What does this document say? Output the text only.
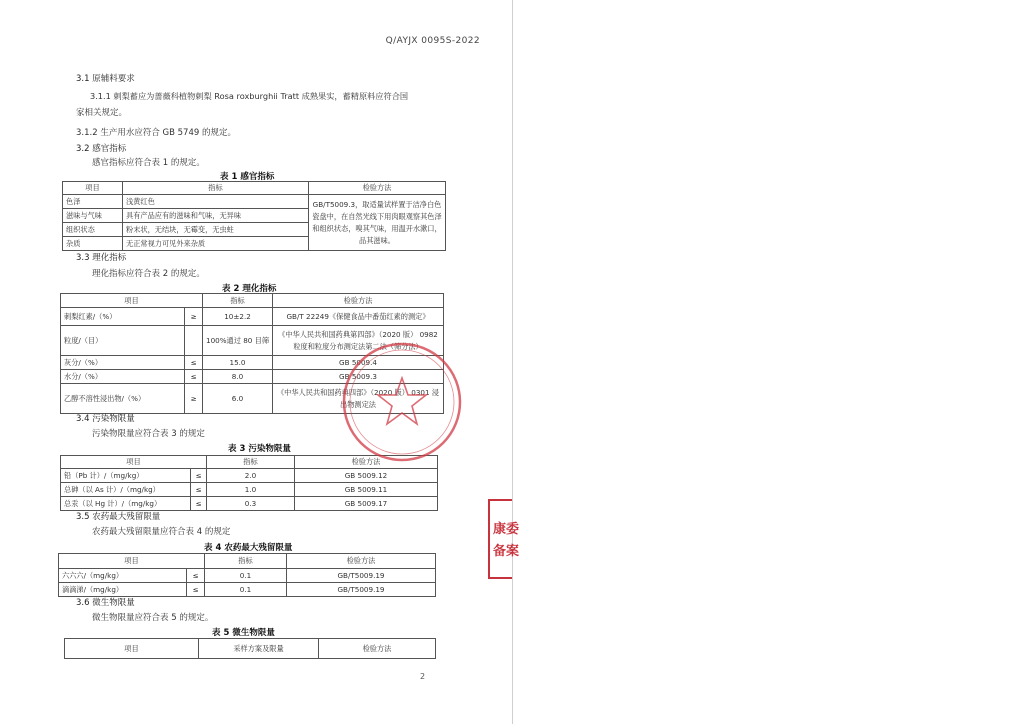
Q/AYJX 0095S-2022
3.1 原辅料要求
3.1.1 刺梨蓄应为蔷薇科植物刺梨 Rosa roxburghii Tratt 成熟果实，蓄精原料应符合国
家相关规定。
3.1.2 生产用水应符合 GB 5749 的规定。
3.2 感官指标
感官指标应符合表 1 的规定。
表 1 感官指标
项目	指标	检验方法
色泽	浅黄红色	GB/T5009.3，取适量试样置于洁净白色瓷盘中，在自然光线下用肉眼观察其色泽和组织状态，嗅其气味，用温开水漱口，品其滋味。
滋味与气味	具有产品应有的滋味和气味，无异味	
组织状态	粉末状，无结块，无霉变，无虫蛀	
杂质	无正常视力可见外来杂质	
3.3 理化指标
理化指标应符合表 2 的规定。
表 2 理化指标
项目		指标	检验方法
刺梨红素/（%）	≥	10±2.2	GB/T 22249《保健食品中番茄红素的测定》
粒度/（目）		100%通过 80 目筛	《中华人民共和国药典第四部》（2020 版） 0982 粒度和粒度分布测定法第二法（筛分法）
灰分/（%）	≤	15.0	GB 5009.4
水分/（%）	≤	8.0	GB 5009.3
乙醇不溶性浸出物/（%）	≥	6.0	《中华人民共和国药典四部》（2020 版） 0301 浸出物测定法
3.4 污染物限量
污染物限量应符合表 3 的规定
表 3 污染物限量
项目		指标	检验方法
铅（Pb 计）/（mg/kg）	≤	2.0	GB 5009.12
总砷（以 As 计）/（mg/kg）	≤	1.0	GB 5009.11
总汞（以 Hg 计）/（mg/kg）	≤	0.3	GB 5009.17
3.5 农药最大残留限量
农药最大残留限量应符合表 4 的规定
表 4 农药最大残留限量
项目		指标	检验方法
六六六/（mg/kg）	≤	0.1	GB/T5009.19
滴滴涕/（mg/kg）	≤	0.1	GB/T5009.19
3.6 微生物限量
微生物限量应符合表 5 的规定。
表 5 微生物限量
项目	采样方案及限量	检验方法
2
康委
备案
